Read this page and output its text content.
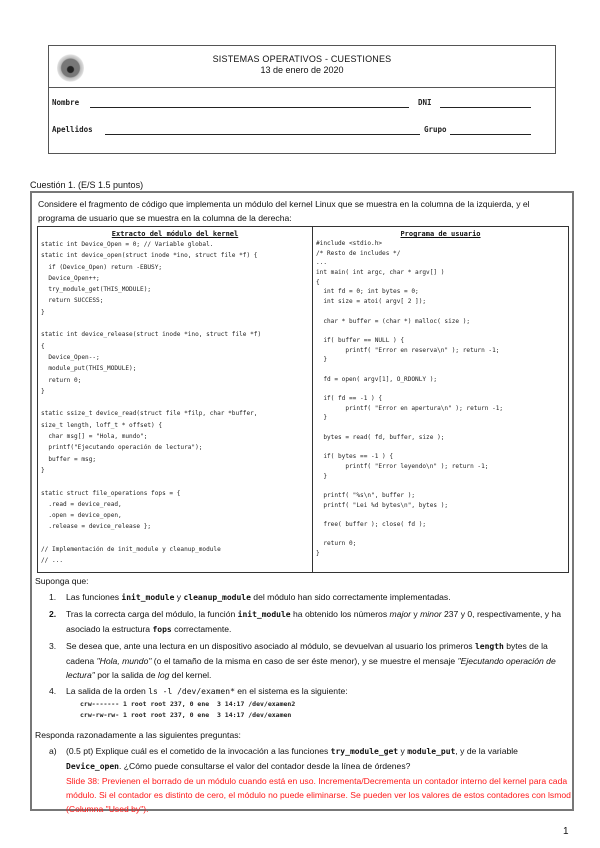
SISTEMAS OPERATIVOS - CUESTIONES
13 de enero de 2020
Nombre	DNI
Apellidos	Grupo
Cuestión 1. (E/S 1.5 puntos)
Considere el fragmento de código que implementa un módulo del kernel Linux que se muestra en la columna de la izquierda, y el programa de usuario que se muestra en la columna de la derecha:
Extracto del módulo del kernel
static int Device_Open = 0; // Variable global.
static int device_open(struct inode *ino, struct file *f) {
if (Device_Open) return -EBUSY;
Device_Open++;
try_module_get(THIS_MODULE);
return SUCCESS;
}

static int device_release(struct inode *ino, struct file *f)
{
Device_Open--;
module_put(THIS_MODULE);
return 0;
}

static ssize_t device_read(struct file *filp, char *buffer,
size_t length, loff_t * offset) {
char msg[] = "Hola, mundo";
printf("Ejecutando operación de lectura");
buffer = msg;
}

static struct file_operations fops = {
.read = device_read,
.open = device_open,
.release = device_release };

// Implementación de init_module y cleanup_module
// ...
Programa de usuario
#include <stdio.h>
/* Resto de includes */
...
int main( int argc, char * argv[] )
{
int fd = 0; int bytes = 0;
int size = atoi( argv[ 2 ]);

char * buffer = (char *) malloc( size );

if( buffer == NULL ) {
printf( "Error en reserva\n" ); return -1;
}

fd = open( argv[1], O_RDONLY );

if( fd == -1 ) {
printf( "Error en apertura\n" ); return -1;
}

bytes = read( fd, buffer, size );

if( bytes == -1 ) {
printf( "Error leyendo\n" ); return -1;
}

printf( "%s\n", buffer );
printf( "Lei %d bytes\n", bytes );

free( buffer ); close( fd );

return 0;
}
Suponga que:
1. Las funciones init_module y cleanup_module del módulo han sido correctamente implementadas.
2. Tras la correcta carga del módulo, la función init_module ha obtenido los números major y minor 237 y 0, respectivamente, y ha asociado la estructura fops correctamente.
3. Se desea que, ante una lectura en un dispositivo asociado al módulo, se devuelvan al usuario los primeros length bytes de la cadena "Hola, mundo" (o el tamaño de la misma en caso de ser éste menor), y se muestre el mensaje "Ejecutando operación de lectura" por la salida de log del kernel.
4. La salida de la orden ls -l /dev/examen* en el sistema es la siguiente:
crw------- 1 root root 237, 0 ene  3 14:17 /dev/examen2
crw-rw-rw- 1 root root 237, 0 ene  3 14:17 /dev/examen
Responda razonadamente a las siguientes preguntas:
a) (0.5 pt) Explique cuál es el cometido de la invocación a las funciones try_module_get y module_put, y de la variable Device_open. ¿Cómo puede consultarse el valor del contador desde la línea de órdenes?
Slide 38: Previenen el borrado de un módulo cuando está en uso. Incrementa/Decrementa un contador interno del kernel para cada módulo. Si el contador es distinto de cero, el módulo no puede eliminarse. Se pueden ver los valores de estos contadores con lsmod (Columna "Used by").
1
